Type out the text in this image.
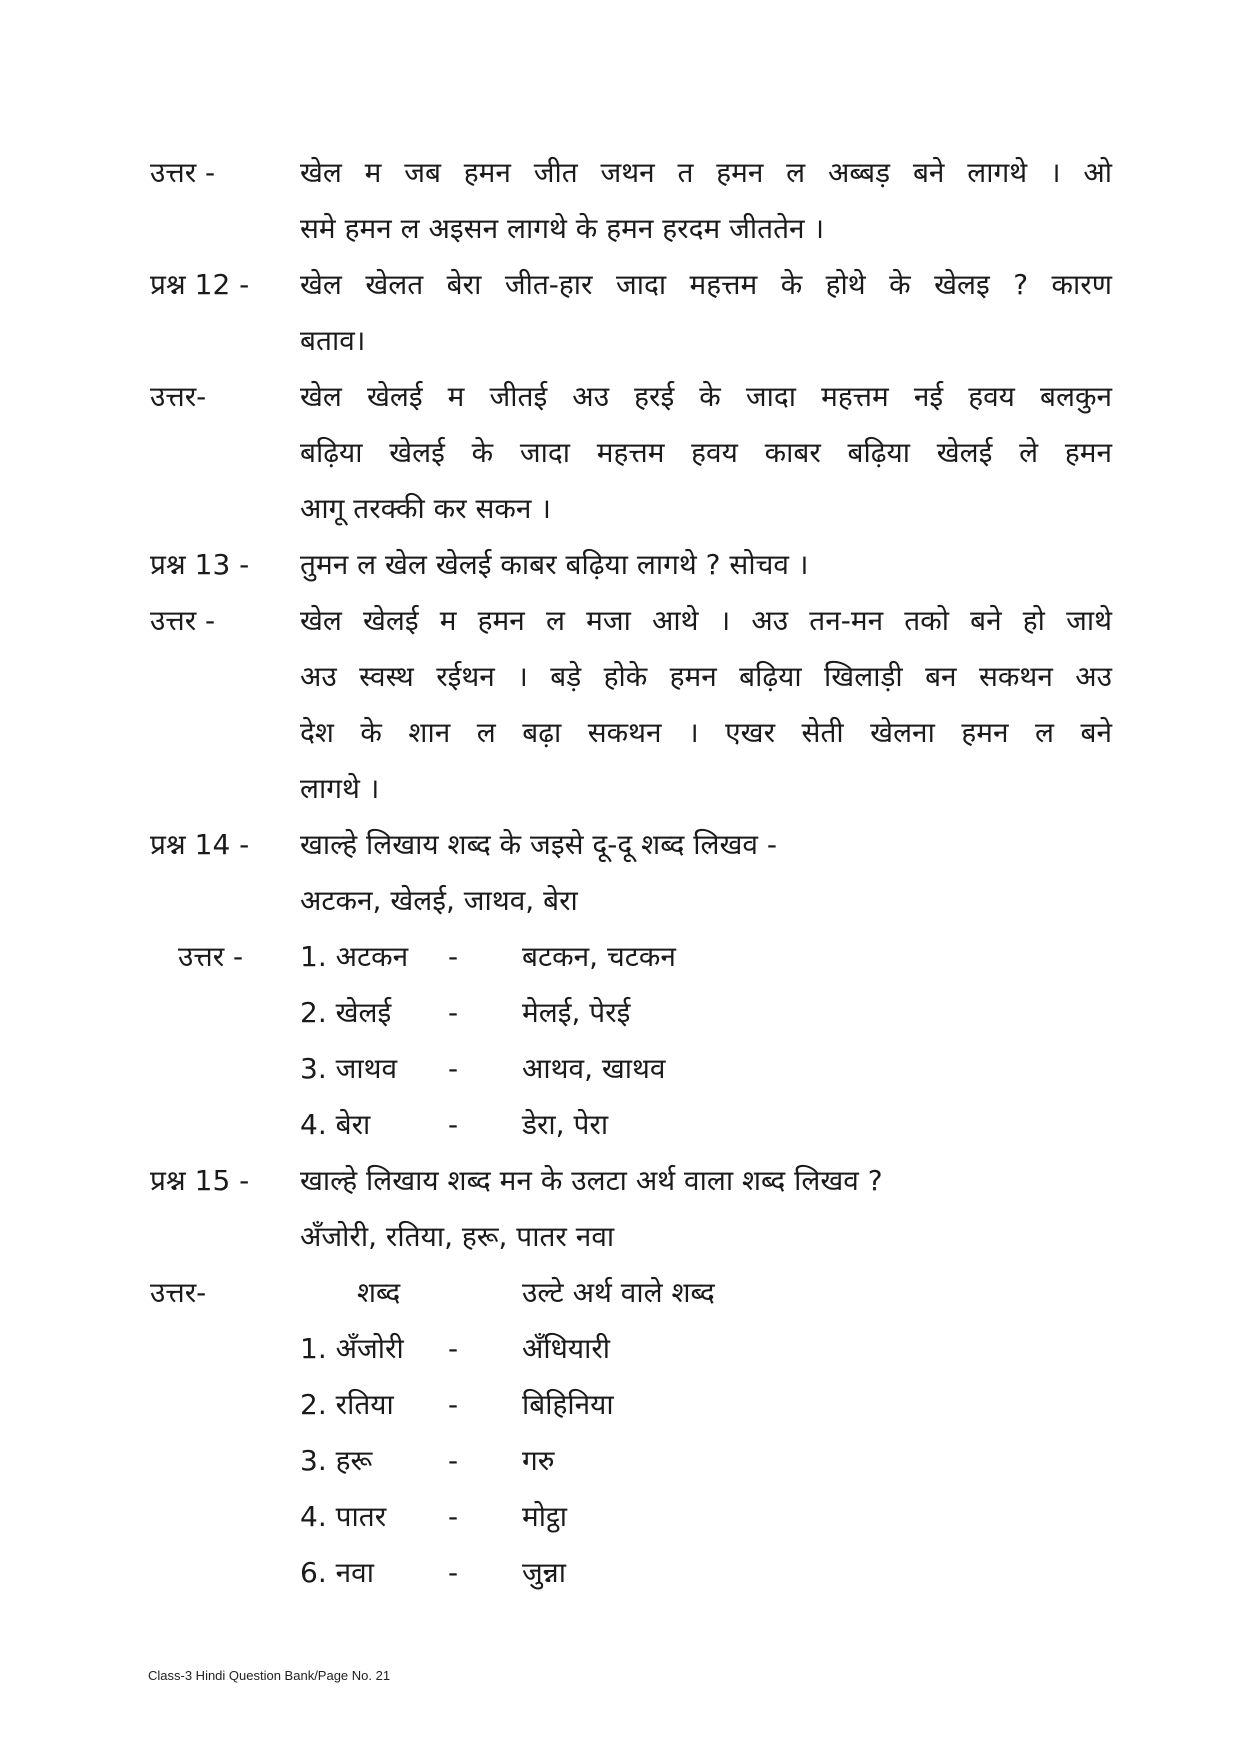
उत्तर -	खेल म जब हमन जीत जथन त हमन ल अब्बड़ बने लागथे । ओ
समे हमन ल अइसन लागथे के हमन हरदम जीततेन ।
प्रश्न 12 - खेल खेलत बेरा जीत-हार जादा महत्तम के होथे के खेलइ ? कारण
बताव।
उत्तर-	खेल खेलई म जीतई अउ हरई के जादा महत्तम नई हवय बलकुन
बढ़िया खेलई के जादा महत्तम हवय काबर बढ़िया खेलई ले हमन
आगू तरक्की कर सकन ।
प्रश्न 13 - तुमन ल खेल खेलई काबर बढ़िया लागथे ? सोचव ।
उत्तर -	खेल खेलई म हमन ल मजा आथे । अउ तन-मन तको बने हो जाथे
अउ स्वस्थ रईथन । बड़े होके हमन बढ़िया खिलाड़ी बन सकथन अउ
देश के शान ल बढ़ा सकथन । एखर सेती खेलना हमन ल बने
लागथे ।
प्रश्न 14 - खाल्हे लिखाय शब्द के जइसे दू-दू शब्द लिखव -
अटकन, खेलई, जाथव, बेरा
उत्तर - 1. अटकन - बटकन, चटकन
2. खेलई - मेलई, पेरई
3. जाथव - आथव, खाथव
4. बेरा	- डेरा, पेरा
प्रश्न 15 - खाल्हे लिखाय शब्द मन के उलटा अर्थ वाला शब्द लिखव ?
अँजोरी, रतिया, हरू, पातर नवा
उत्तर-	शब्द	उल्टे अर्थ वाले शब्द
1. अँजोरी - अँधियारी
2. रतिया - बिहिनिया
3. हरू	- गरु
4. पातर - मोट्ठा
6. नवा	- जुन्ना
Class-3 Hindi Question Bank/Page No. 21
